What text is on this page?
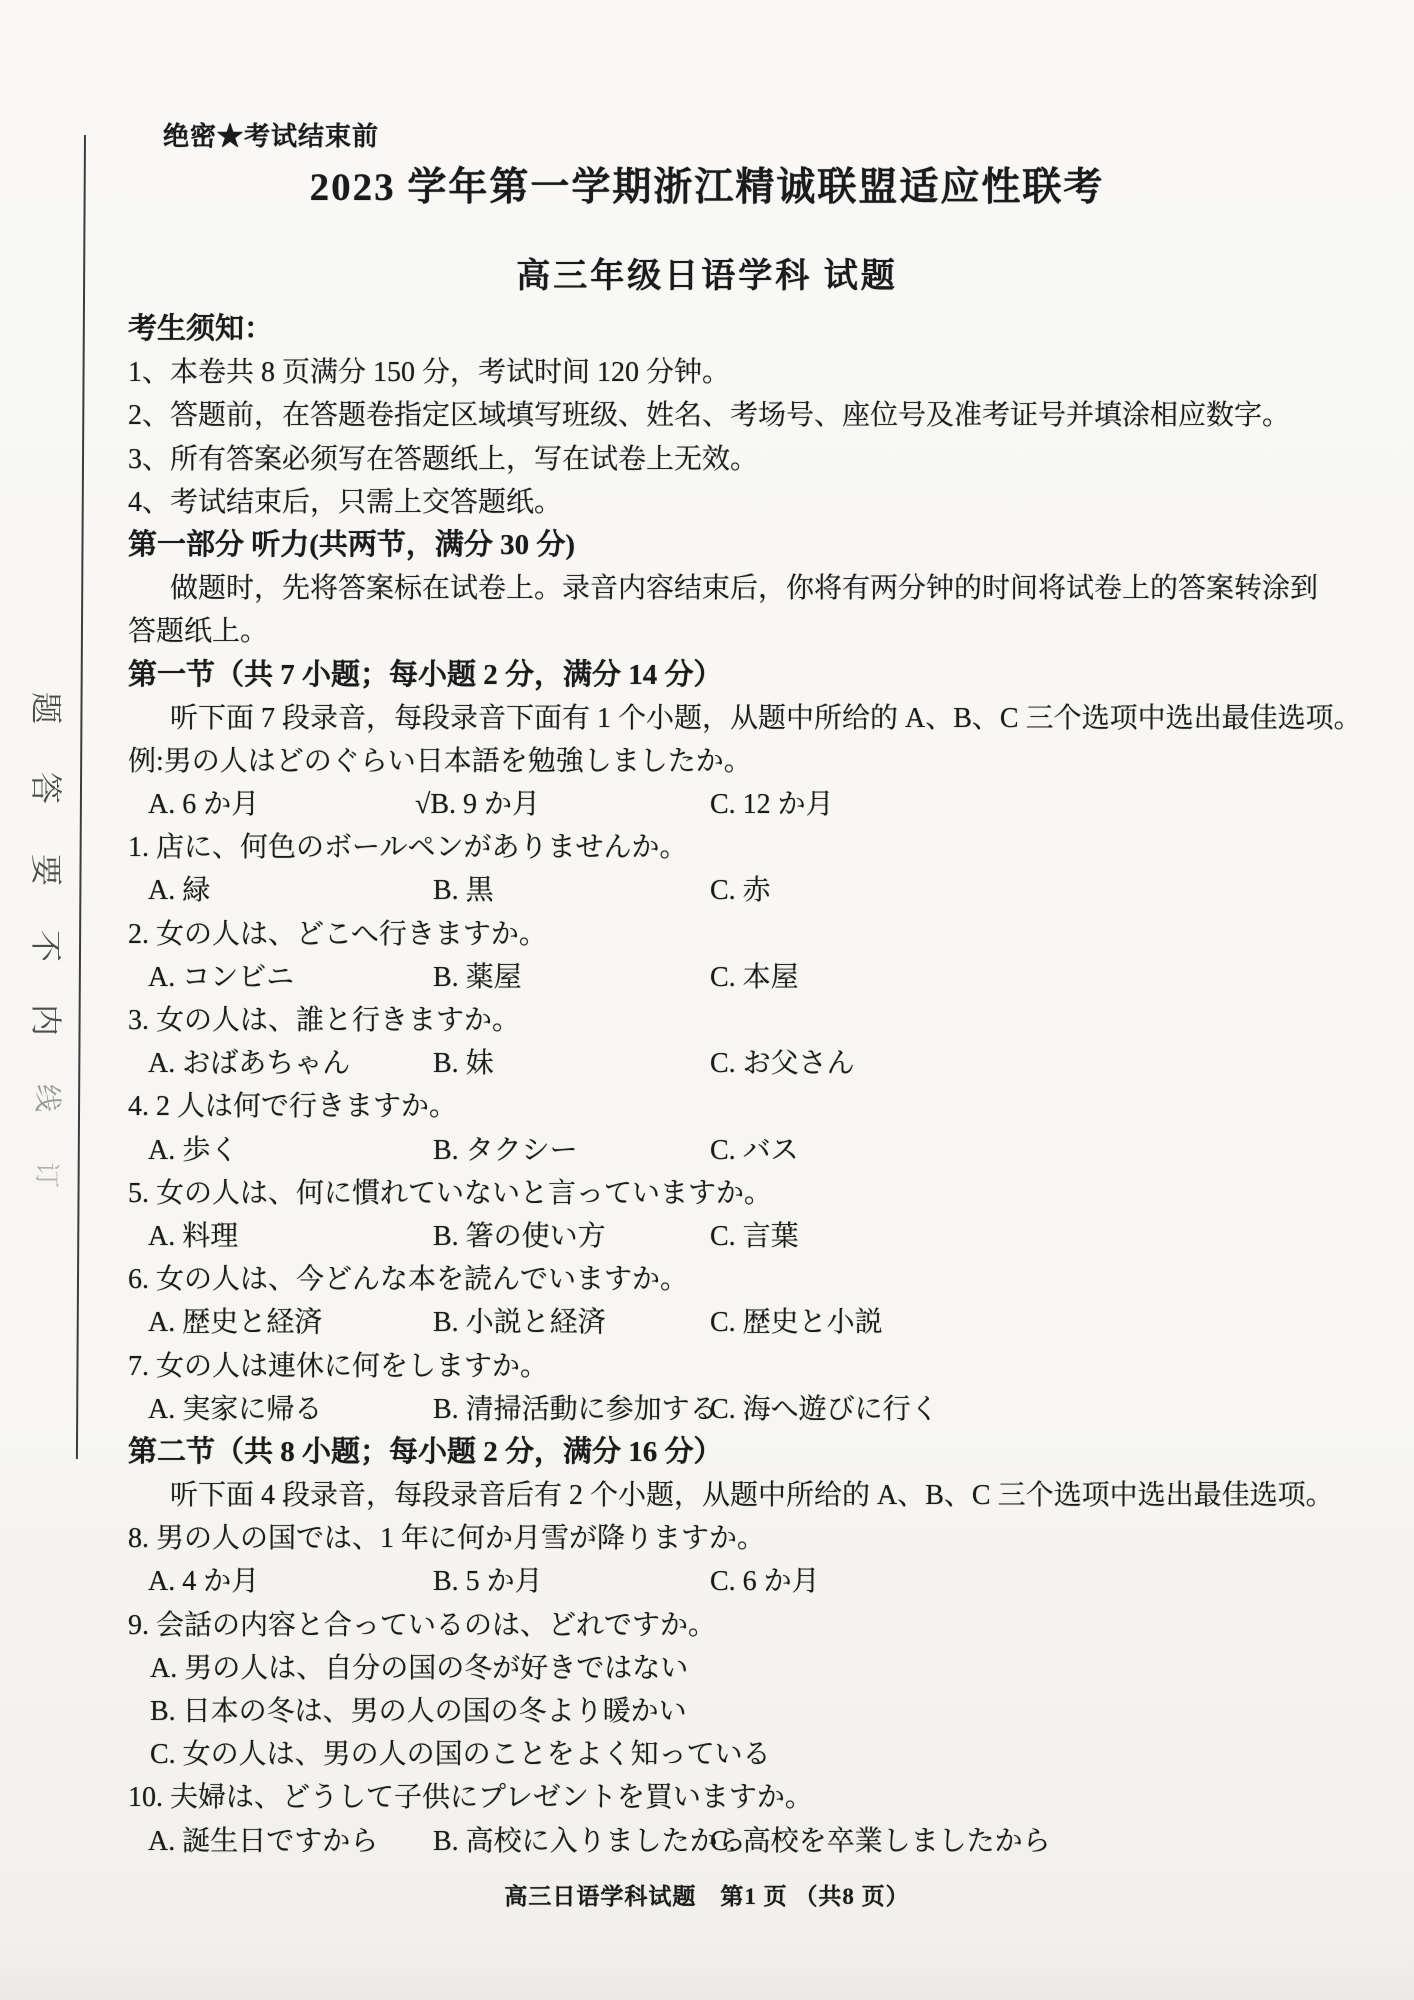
题
答
要
不
内
线
订
绝密★考试结束前
2023 学年第一学期浙江精诚联盟适应性联考
高三年级日语学科 试题
考生须知：
1、本卷共 8 页满分 150 分，考试时间 120 分钟。
2、答题前，在答题卷指定区域填写班级、姓名、考场号、座位号及准考证号并填涂相应数字。
3、所有答案必须写在答题纸上，写在试卷上无效。
4、考试结束后，只需上交答题纸。
第一部分 听力(共两节，满分 30 分)
做题时，先将答案标在试卷上。录音内容结束后，你将有两分钟的时间将试卷上的答案转涂到
答题纸上。
第一节（共 7 小题；每小题 2 分，满分 14 分）
听下面 7 段录音，每段录音下面有 1 个小题，从题中所给的 A、B、C 三个选项中选出最佳选项。
例:男の人はどのぐらい日本語を勉強しましたか。
A. 6 か月	√B. 9 か月	C. 12 か月
1. 店に、何色のボールペンがありませんか。
A. 緑	B. 黒	C. 赤
2. 女の人は、どこへ行きますか。
A. コンビニ	B. 薬屋	C. 本屋
3. 女の人は、誰と行きますか。
A. おばあちゃん	B. 妹	C. お父さん
4. 2 人は何で行きますか。
A. 歩く	B. タクシー	C. バス
5. 女の人は、何に慣れていないと言っていますか。
A. 料理	B. 箸の使い方	C. 言葉
6. 女の人は、今どんな本を読んでいますか。
A. 歴史と経済	B. 小説と経済	C. 歴史と小説
7. 女の人は連休に何をしますか。
A. 実家に帰る	B. 清掃活動に参加する
C. 海へ遊びに行く
第二节（共 8 小题；每小题 2 分，满分 16 分）
听下面 4 段录音，每段录音后有 2 个小题，从题中所给的 A、B、C 三个选项中选出最佳选项。
8. 男の人の国では、1 年に何か月雪が降りますか。
A. 4 か月	B. 5 か月	C. 6 か月
9. 会話の内容と合っているのは、どれですか。
A. 男の人は、自分の国の冬が好きではない
B. 日本の冬は、男の人の国の冬より暖かい
C. 女の人は、男の人の国のことをよく知っている
10. 夫婦は、どうして子供にプレゼントを買いますか。
A. 誕生日ですから B. 高校に入りましたから
C. 高校を卒業しましたから
高三日语学科试题　第1 页 （共8 页）
